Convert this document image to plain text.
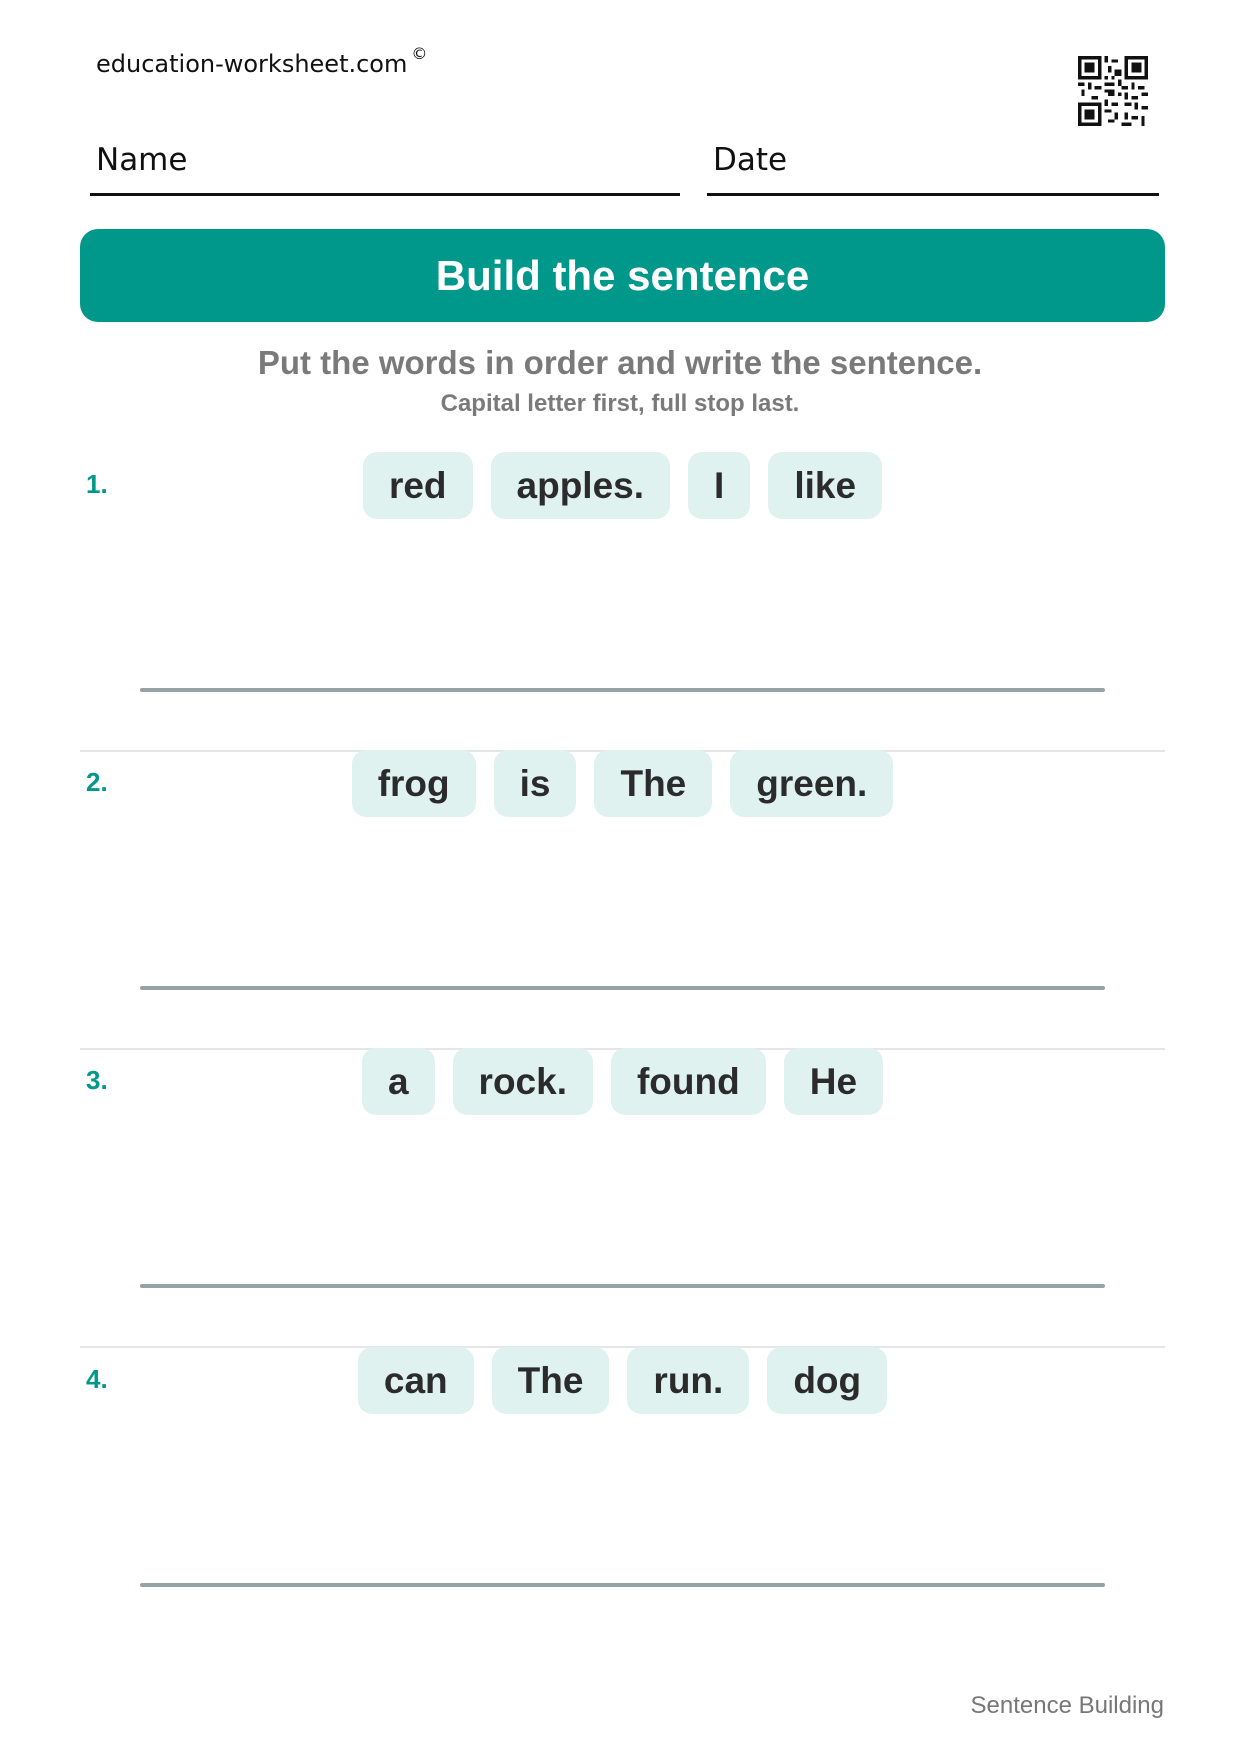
education-worksheet.com ©
Name	Date
Build the sentence
Put the words in order and write the sentence.
Capital letter first, full stop last.
1.	red	apples.	I	like
2.	frog	is	The	green.
3.	a	rock.	found	He
4.	can	The	run.	dog
Sentence Building
